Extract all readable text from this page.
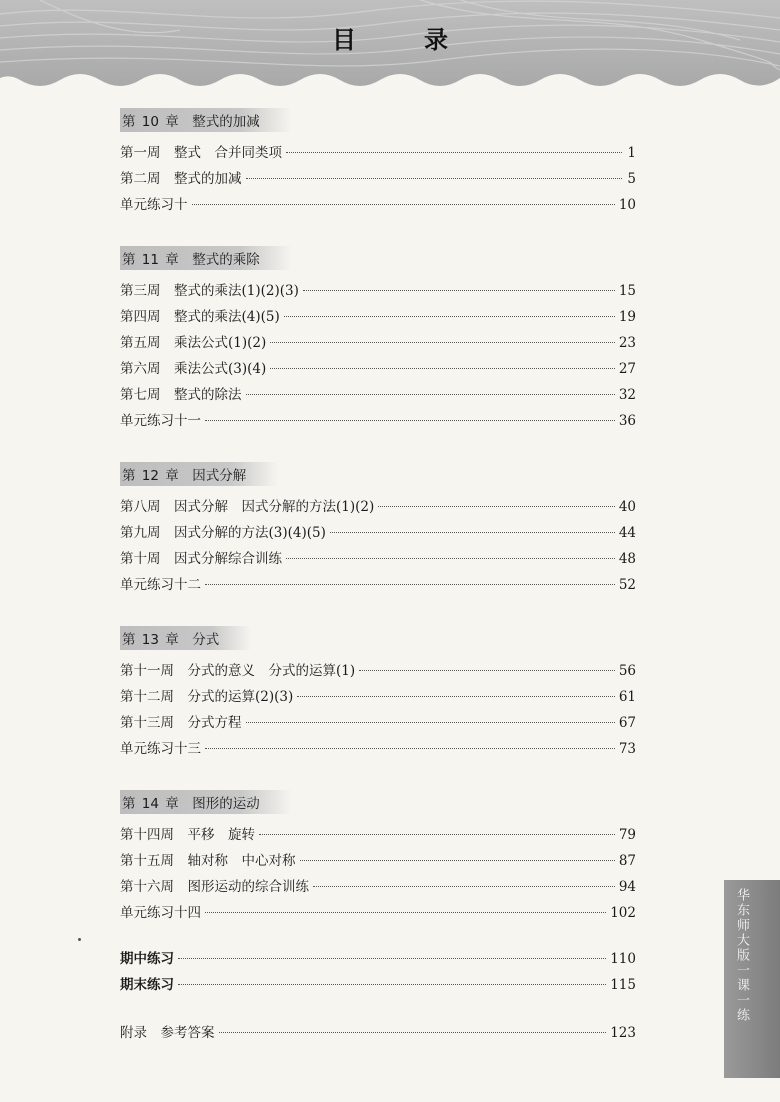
目　录
第 10 章　整式的加减
第一周　整式　合并同类项	1
第二周　整式的加减	5
单元练习十	10
第 11 章　整式的乘除
第三周　整式的乘法(1)(2)(3)	15
第四周　整式的乘法(4)(5)	19
第五周　乘法公式(1)(2)	23
第六周　乘法公式(3)(4)	27
第七周　整式的除法	32
单元练习十一	36
第 12 章　因式分解
第八周　因式分解　因式分解的方法(1)(2)	40
第九周　因式分解的方法(3)(4)(5)	44
第十周　因式分解综合训练	48
单元练习十二	52
第 13 章　分式
第十一周　分式的意义　分式的运算(1)	56
第十二周　分式的运算(2)(3)	61
第十三周　分式方程	67
单元练习十三	73
第 14 章　图形的运动
第十四周　平移　旋转	79
第十五周　轴对称　中心对称	87
第十六周　图形运动的综合训练	94
单元练习十四	102
期中练习	110
期末练习	115
附录　参考答案	123
华东师大版一课一练
